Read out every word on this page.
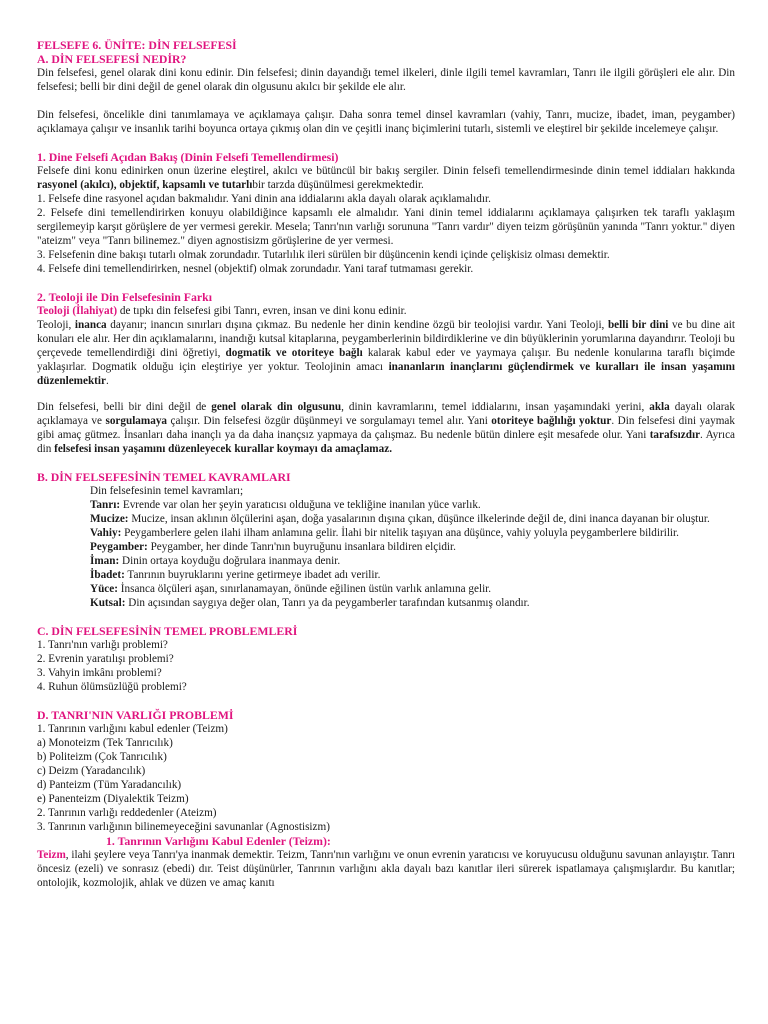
FELSEFE 6. ÜNİTE: DİN FELSEFESİ
A. DİN FELSEFESİ NEDİR?

Din felsefesi, genel olarak dini konu edinir. Din felsefesi; dinin dayandığı temel ilkeleri, dinle ilgili temel kavramları, Tanrı ile ilgili görüşleri ele alır. Din felsefesi; belli bir dini değil de genel olarak din olgusunu akılcı bir şekilde ele alır.

Din felsefesi, öncelikle dini tanımlamaya ve açıklamaya çalışır. Daha sonra temel dinsel kavramları (vahiy, Tanrı, mucize, ibadet, iman, peygamber) açıklamaya çalışır ve insanlık tarihi boyunca ortaya çıkmış olan din ve çeşitli inanç biçimlerini tutarlı, sistemli ve eleştirel bir şekilde incelemeye çalışır.

1. Dine Felsefi Açıdan Bakış (Dinin Felsefi Temellendirmesi)

Felsefe dini konu edinirken onun üzerine eleştirel, akılcı ve bütüncül bir bakış sergiler. Dinin felsefi temellendirmesinde dinin temel iddiaları hakkında rasyonel (akılcı), objektif, kapsamlı ve tutarlıbir tarzda düşünülmesi gerekmektedir.

1. Felsefe dine rasyonel açıdan bakmalıdır. Yani dinin ana iddialarını akla dayalı olarak açıklamalıdır.

2. Felsefe dini temellendirirken konuyu olabildiğince kapsamlı ele almalıdır. Yani dinin temel iddialarını açıklamaya çalışırken tek taraflı yaklaşım sergilemeyip karşıt görüşlere de yer vermesi gerekir. Mesela; Tanrı'nın varlığı sorununa "Tanrı vardır" diyen teizm görüşünün yanında "Tanrı yoktur." diyen "ateizm" veya "Tanrı bilinemez." diyen agnostisizm görüşlerine de yer vermesi.

3. Felsefenin dine bakışı tutarlı olmak zorundadır. Tutarlılık ileri sürülen bir düşüncenin kendi içinde çelişkisiz olması demektir.

4. Felsefe dini temellendirirken, nesnel (objektif) olmak zorundadır. Yani taraf tutmaması gerekir.

2. Teoloji ile Din Felsefesinin Farkı

Teoloji (İlahiyat) de tıpkı din felsefesi gibi Tanrı, evren, insan ve dini konu edinir.

Teoloji, inanca dayanır; inancın sınırları dışına çıkmaz. Bu nedenle her dinin kendine özgü bir teolojisi vardır. Yani Teoloji, belli bir dini ve bu dine ait konuları ele alır. Her din açıklamalarını, inandığı kutsal kitaplarına, peygamberlerinin bildirdiklerine ve din büyüklerinin yorumlarına dayandırır. Teoloji bu çerçevede temellendirdiği dini öğretiyi, dogmatik ve otoriteye bağlı kalarak kabul eder ve yaymaya çalışır. Bu nedenle konularına taraflı biçimde yaklaşırlar. Dogmatik olduğu için eleştiriye yer yoktur. Teolojinin amacı inananların inançlarını güçlendirmek ve kuralları ile insan yaşamını düzenlemektir.

Din felsefesi, belli bir dini değil de genel olarak din olgusunu, dinin kavramlarını, temel iddialarını, insan yaşamındaki yerini, akla dayalı olarak açıklamaya ve sorgulamaya çalışır. Din felsefesi özgür düşünmeyi ve sorgulamayı temel alır. Yani otoriteye bağlılığı yoktur. Din felsefesi dini yaymak gibi amaç gütmez. İnsanları daha inançlı ya da daha inançsız yapmaya da çalışmaz. Bu nedenle bütün dinlere eşit mesafede olur. Yani tarafsızdır. Ayrıca din felsefesi insan yaşamını düzenleyecek kurallar koymayı da amaçlamaz.

B. DİN FELSEFESİNİN TEMEL KAVRAMLARI
Din felsefesinin temel kavramları;
Tanrı: Evrende var olan her şeyin yaratıcısı olduğuna ve tekliğine inanılan yüce varlık.
Mucize: Mucize, insan aklının ölçülerini aşan, doğa yasalarının dışına çıkan, düşünce ilkelerinde değil de, dini inanca dayanan bir oluştur.
Vahiy: Peygamberlere gelen ilahi ilham anlamına gelir. İlahi bir nitelik taşıyan ana düşünce, vahiy yoluyla peygamberlere bildirilir.
Peygamber: Peygamber, her dinde Tanrı'nın buyruğunu insanlara bildiren elçidir.
İman: Dinin ortaya koyduğu doğrulara inanmaya denir.
İbadet: Tanrının buyruklarını yerine getirmeye ibadet adı verilir.
Yüce: İnsanca ölçüleri aşan, sınırlanamayan, önünde eğilinen üstün varlık anlamına gelir.
Kutsal: Din açısından saygıya değer olan, Tanrı ya da peygamberler tarafından kutsanmış olandır.
C. DİN FELSEFESİNİN TEMEL PROBLEMLERİ
1. Tanrı'nın varlığı problemi?
2. Evrenin yaratılışı problemi?
3. Vahyin imkânı problemi?
4. Ruhun ölümsüzlüğü problemi?
D. TANRI'NIN VARLIĞI PROBLEMİ
1. Tanrının varlığını kabul edenler (Teizm)
a) Monoteizm (Tek Tanrıcılık)
b) Politeizm (Çok Tanrıcılık)
c) Deizm (Yaradancılık)
d) Panteizm (Tüm Yaradancılık)
e) Panenteizm (Diyalektik Teizm)
2. Tanrının varlığı reddedenler (Ateizm)
3. Tanrının varlığının bilinemeyeceğini savunanlar (Agnostisizm)
1. Tanrının Varlığını Kabul Edenler (Teizm):

Teizm, ilahi şeylere veya Tanrı'ya inanmak demektir. Teizm, Tanrı'nın varlığını ve onun evrenin yaratıcısı ve koruyucusu olduğunu savunan anlayıştır. Tanrı öncesiz (ezeli) ve sonrasız (ebedi) dır. Teist düşünürler, Tanrının varlığını akla dayalı bazı kanıtlar ileri sürerek ispatlamaya çalışmışlardır. Bu kanıtlar; ontolojik, kozmolojik, ahlak ve düzen ve amaç kanıtı
